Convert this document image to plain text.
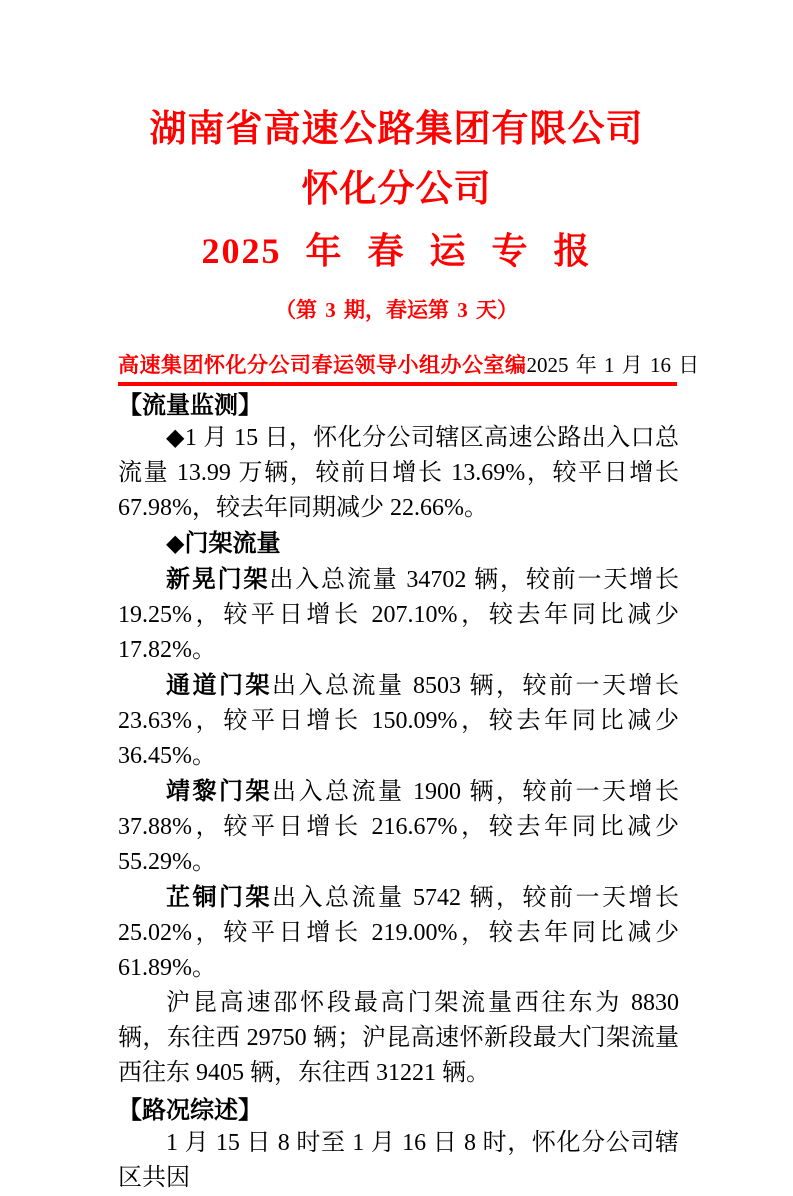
湖南省高速公路集团有限公司
怀化分公司
2025 年 春 运 专 报
（第 3 期，春运第 3 天）
高速集团怀化分公司春运领导小组办公室编 2025 年 1 月 16 日
【流量监测】

◆1 月 15 日，怀化分公司辖区高速公路出入口总流量 13.99 万辆，较前日增长 13.69%，较平日增长 67.98%，较去年同期减少 22.66%。

◆门架流量

新晃门架出入总流量 34702 辆，较前一天增长 19.25%，较平日增长 207.10%，较去年同比减少 17.82%。

通道门架出入总流量 8503 辆，较前一天增长 23.63%，较平日增长 150.09%，较去年同比减少 36.45%。

靖黎门架出入总流量 1900 辆，较前一天增长 37.88%，较平日增长 216.67%，较去年同比减少 55.29%。

芷铜门架出入总流量 5742 辆，较前一天增长 25.02%，较平日增长 219.00%，较去年同比减少 61.89%。

沪昆高速邵怀段最高门架流量西往东为 8830 辆，东往西 29750 辆；沪昆高速怀新段最大门架流量西往东 9405 辆，东往西 31221 辆。

【路况综述】

1 月 15 日 8 时至 1 月 16 日 8 时，怀化分公司辖区共因
